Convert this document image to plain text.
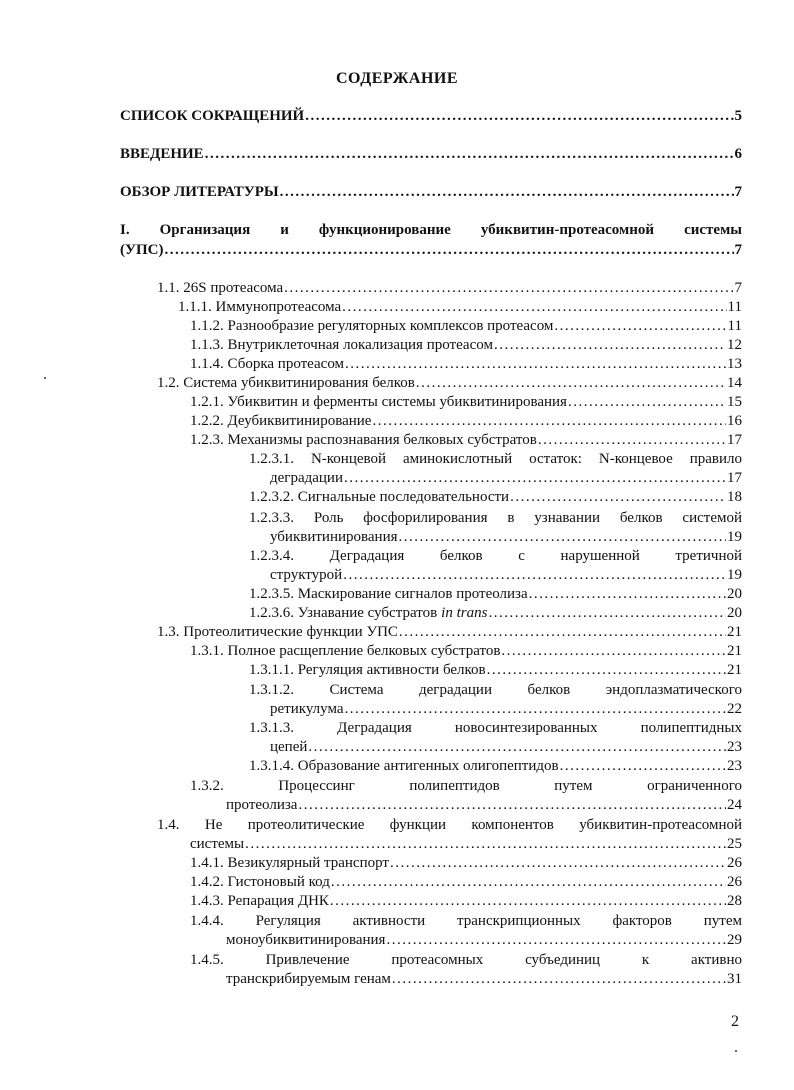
СОДЕРЖАНИЕ
СПИСОК СОКРАЩЕНИЙ .....	5
ВВЕДЕНИЕ .....	6
ОБЗОР ЛИТЕРАТУРЫ .....	7
I. Организация и функционирование убиквитин-протеасомной системы
(УПС) .....	7
1.1. 26S протеасома .....	7
1.1.1. Иммунопротеасома .....	11
1.1.2. Разнообразие регуляторных комплексов протеасом .....	11
1.1.3. Внутриклеточная локализация протеасом .....	12
1.1.4. Сборка протеасом .....	13
1.2. Система убиквитинирования белков .....	14
1.2.1. Убиквитин и ферменты системы убиквитинирования .....	15
1.2.2. Деубиквитинирование .....	16
1.2.3. Механизмы распознавания белковых субстратов .....	17
1.2.3.1. N-концевой аминокислотный остаток: N-концевое правило
деградации .....	17
1.2.3.2. Сигнальные последовательности .....	18
1.2.3.3. Роль фосфорилирования в узнавании белков системой
убиквитинирования .....	19
1.2.3.4. Деградация белков с нарушенной третичной
структурой .....	19
1.2.3.5. Маскирование сигналов протеолиза .....	20
1.2.3.6. Узнавание субстратов in trans .....	20
1.3. Протеолитические функции УПС .....	21
1.3.1. Полное расщепление белковых субстратов .....	21
1.3.1.1. Регуляция активности белков .....	21
1.3.1.2. Система деградации белков эндоплазматического
ретикулума .....	22
1.3.1.3. Деградация новосинтезированных полипептидных
цепей .....	23
1.3.1.4. Образование антигенных олигопептидов .....	23
1.3.2. Процессинг полипептидов путем ограниченного
протеолиза .....	24
1.4. Не протеолитические функции компонентов убиквитин-протеасомной
системы .....	25
1.4.1. Везикулярный транспорт .....	26
1.4.2. Гистоновый код .....	26
1.4.3. Репарация ДНК .....	28
1.4.4. Регуляция активности транскрипционных факторов путем
моноубиквитинирования .....	29
1.4.5. Привлечение протеасомных субъединиц к активно
транскрибируемым генам .....	31
2
